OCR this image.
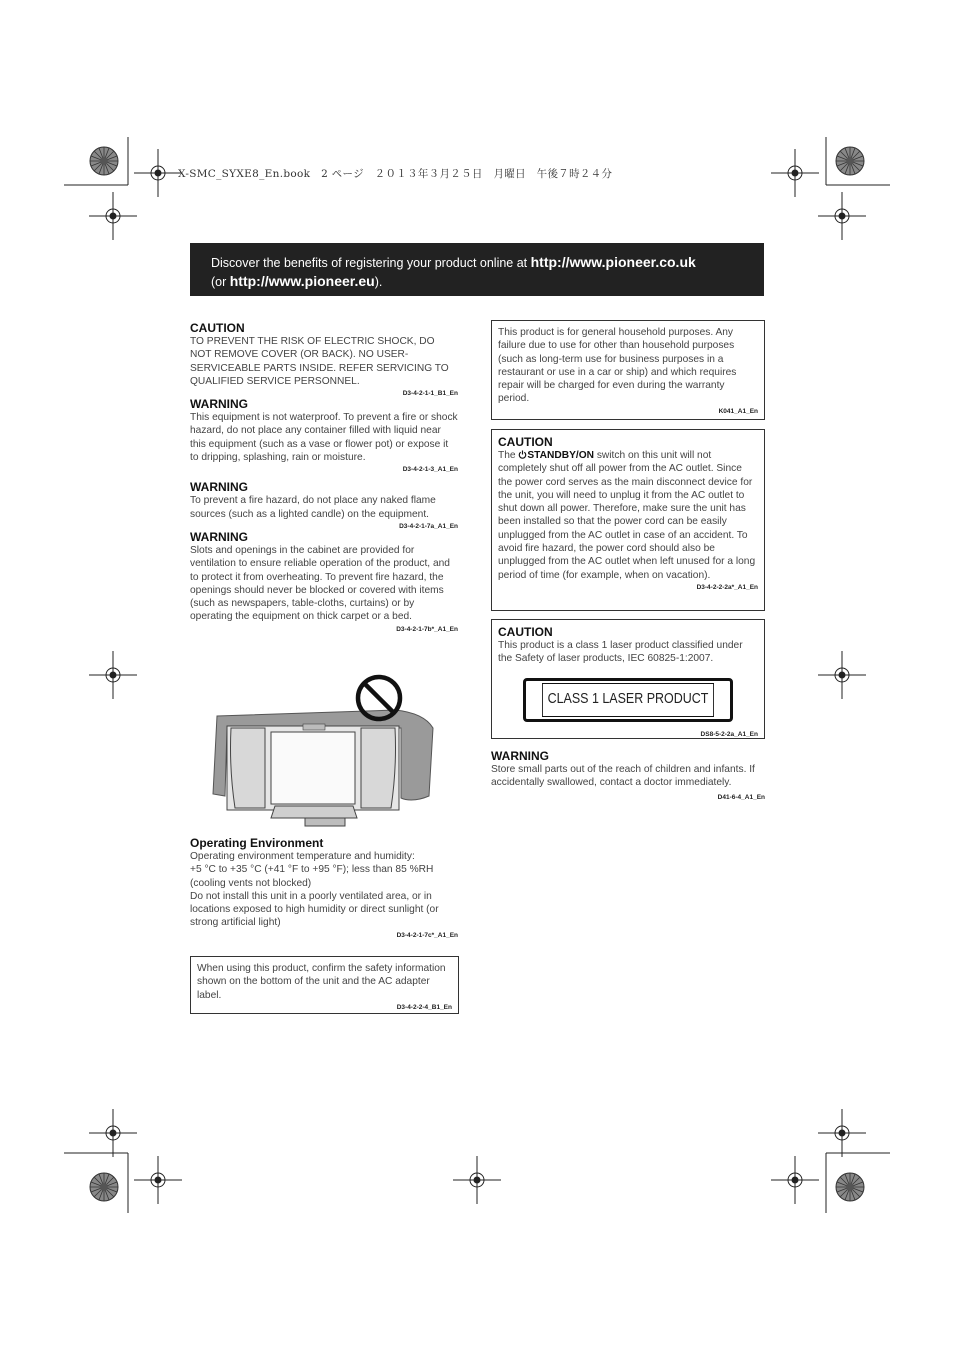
X-SMC_SYXE8_En.book　2 ページ　２０１３年３月２５日　月曜日　午後７時２４分
Discover the benefits of registering your product online at http://www.pioneer.co.uk
(or http://www.pioneer.eu).
CAUTION

TO PREVENT THE RISK OF ELECTRIC SHOCK, DO NOT REMOVE COVER (OR BACK). NO USER-SERVICEABLE PARTS INSIDE. REFER SERVICING TO QUALIFIED SERVICE PERSONNEL.

D3-4-2-1-1_B1_En
WARNING

This equipment is not waterproof. To prevent a fire or shock hazard, do not place any container filled with liquid near this equipment (such as a vase or flower pot) or expose it to dripping, splashing, rain or moisture.

D3-4-2-1-3_A1_En
WARNING

To prevent a fire hazard, do not place any naked flame sources (such as a lighted candle) on the equipment.

D3-4-2-1-7a_A1_En
WARNING

Slots and openings in the cabinet are provided for ventilation to ensure reliable operation of the product, and to protect it from overheating. To prevent fire hazard, the openings should never be blocked or covered with items (such as newspapers, table-cloths, curtains) or by operating the equipment on thick carpet or a bed.

D3-4-2-1-7b*_A1_En
Operating Environment

Operating environment temperature and humidity:

+5 °C to +35 °C (+41 °F to +95 °F); less than 85 %RH (cooling vents not blocked)

Do not install this unit in a poorly ventilated area, or in locations exposed to high humidity or direct sunlight (or strong artificial light)

D3-4-2-1-7c*_A1_En

When using this product, confirm the safety information shown on the bottom of the unit and the AC adapter label.

D3-4-2-2-4_B1_En

This product is for general household purposes. Any failure due to use for other than household purposes (such as long-term use for business purposes in a restaurant or use in a car or ship) and which requires repair will be charged for even during the warranty period.

K041_A1_En
CAUTION

The STANDBY/ON switch on this unit will not completely shut off all power from the AC outlet. Since the power cord serves as the main disconnect device for the unit, you will need to unplug it from the AC outlet to shut down all power. Therefore, make sure the unit has been installed so that the power cord can be easily unplugged from the AC outlet in case of an accident. To avoid fire hazard, the power cord should also be unplugged from the AC outlet when left unused for a long period of time (for example, when on vacation).

D3-4-2-2-2a*_A1_En
CAUTION

This product is a class 1 laser product classified under the Safety of laser products, IEC 60825-1:2007.

CLASS 1 LASER PRODUCT
DS8-5-2-2a_A1_En
WARNING

Store small parts out of the reach of children and infants. If accidentally swallowed, contact a doctor immediately.

D41-6-4_A1_En
